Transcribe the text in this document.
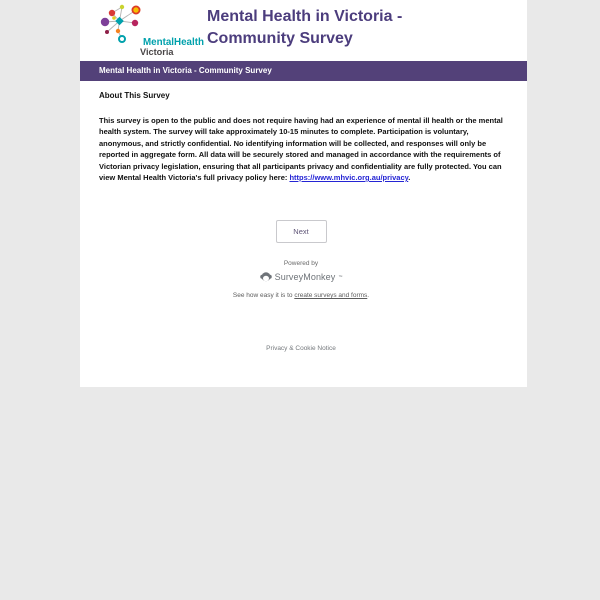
MentalHealth
Victoria
Mental Health in Victoria - Community Survey
Mental Health in Victoria - Community Survey
About This Survey

This survey is open to the public and does not require having had an experience of mental ill health or the mental health system. The survey will take approximately 10-15 minutes to complete. Participation is voluntary, anonymous, and strictly confidential. No identifying information will be collected, and responses will only be reported in aggregate form. All data will be securely stored and managed in accordance with the requirements of Victorian privacy legislation, ensuring that all participants privacy and confidentiality are fully protected. You can view Mental Health Victoria's full privacy policy here: https://www.mhvic.org.au/privacy.

Next
Powered by
SurveyMonkey ™
See how easy it is to create surveys and forms.
Privacy & Cookie Notice
